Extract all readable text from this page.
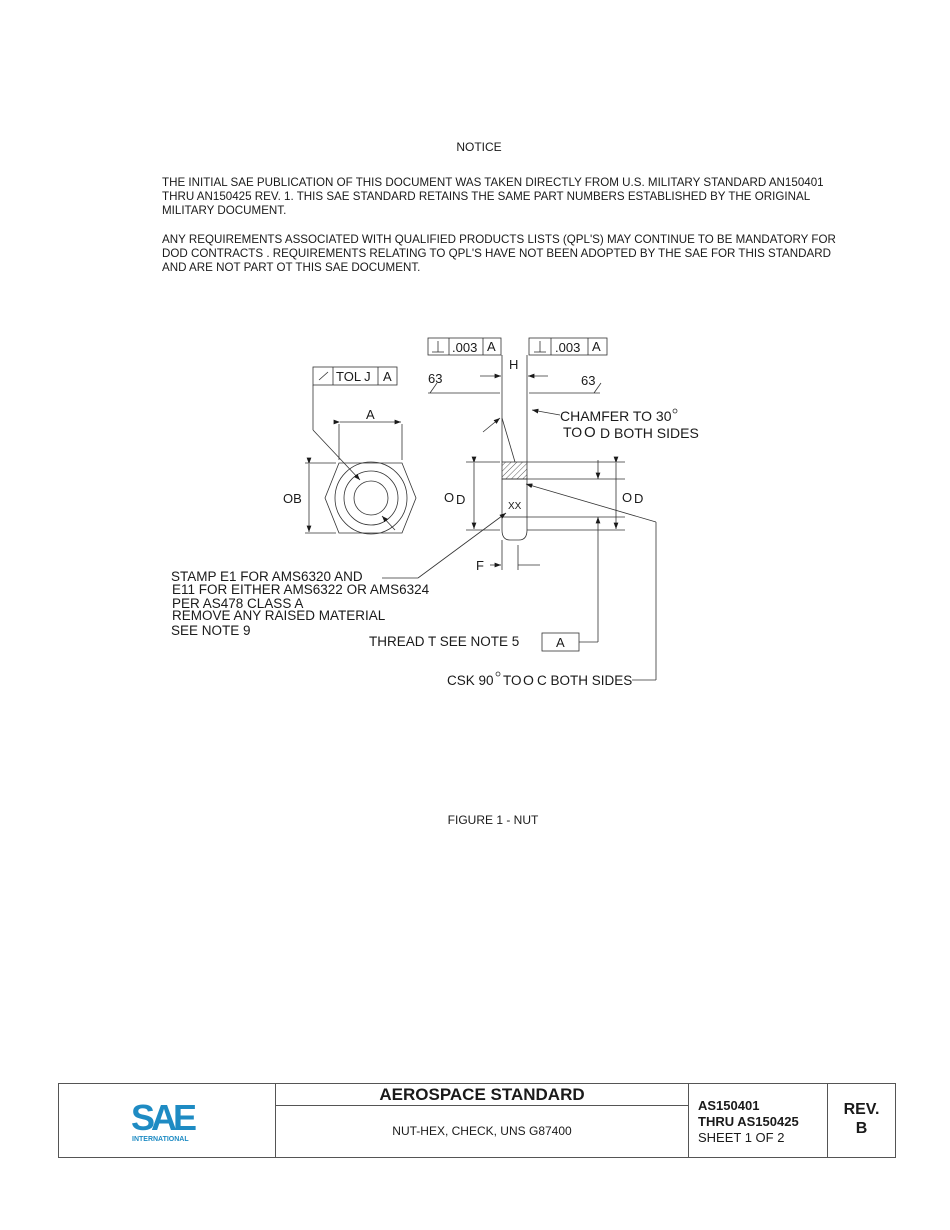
NOTICE
THE INITIAL SAE PUBLICATION OF THIS DOCUMENT WAS TAKEN DIRECTLY FROM U.S. MILITARY STANDARD AN150401 THRU AN150425 REV. 1. THIS SAE STANDARD RETAINS THE SAME PART NUMBERS ESTABLISHED BY THE ORIGINAL MILITARY DOCUMENT.
ANY REQUIREMENTS ASSOCIATED WITH QUALIFIED PRODUCTS LISTS (QPL'S) MAY CONTINUE TO BE MANDATORY FOR DOD CONTRACTS . REQUIREMENTS RELATING TO QPL'S HAVE NOT BEEN ADOPTED BY THE SAE FOR THIS STANDARD AND ARE NOT PART OT THIS SAE DOCUMENT.
TOL J A
A
OB
.003 A	.003 A
63	63
H
CHAMFER TO 30
TO O D BOTH SIDES
O D	O D
XX
F
STAMP E1 FOR AMS6320 AND
E11 FOR EITHER AMS6322 OR AMS6324
PER AS478 CLASS A
REMOVE ANY RAISED MATERIAL
SEE NOTE 9
THREAD T SEE NOTE 5	A
CSK 90 TO O C BOTH SIDES
FIGURE 1 - NUT
SAE
INTERNATIONAL
AEROSPACE STANDARD
NUT-HEX, CHECK, UNS G87400
AS150401
THRU AS150425
SHEET 1 OF 2
REV.
B
